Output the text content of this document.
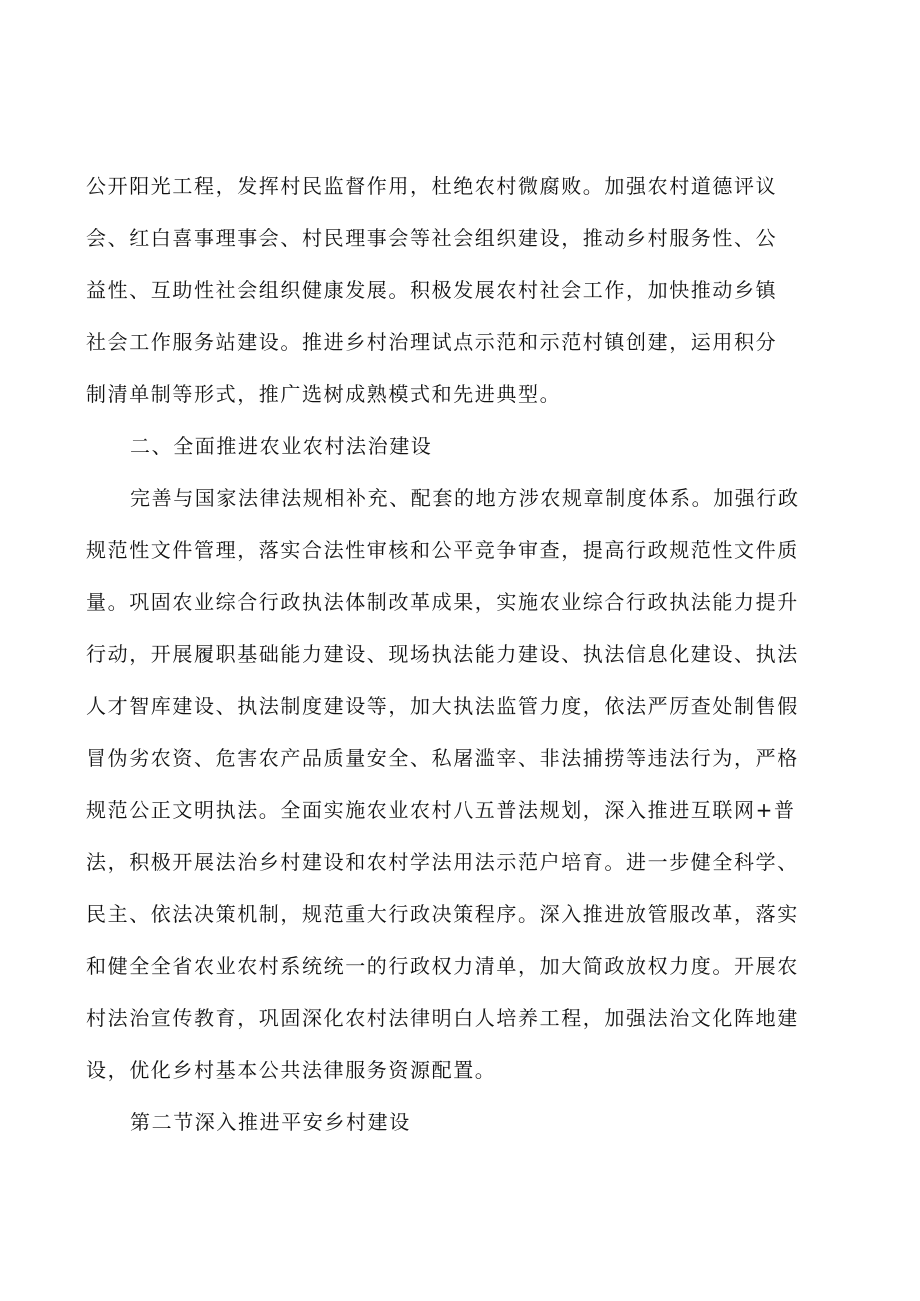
公开阳光工程，发挥村民监督作用，杜绝农村微腐败。加强农村道德评议
会、红白喜事理事会、村民理事会等社会组织建设，推动乡村服务性、公
益性、互助性社会组织健康发展。积极发展农村社会工作，加快推动乡镇
社会工作服务站建设。推进乡村治理试点示范和示范村镇创建，运用积分
制清单制等形式，推广选树成熟模式和先进典型。
二、全面推进农业农村法治建设
完善与国家法律法规相补充、配套的地方涉农规章制度体系。加强行政
规范性文件管理，落实合法性审核和公平竞争审查，提高行政规范性文件质
量。巩固农业综合行政执法体制改革成果，实施农业综合行政执法能力提升
行动，开展履职基础能力建设、现场执法能力建设、执法信息化建设、执法
人才智库建设、执法制度建设等，加大执法监管力度，依法严厉查处制售假
冒伪劣农资、危害农产品质量安全、私屠滥宰、非法捕捞等违法行为，严格
规范公正文明执法。全面实施农业农村八五普法规划，深入推进互联网+普
法，积极开展法治乡村建设和农村学法用法示范户培育。进一步健全科学、
民主、依法决策机制，规范重大行政决策程序。深入推进放管服改革，落实
和健全全省农业农村系统统一的行政权力清单，加大简政放权力度。开展农
村法治宣传教育，巩固深化农村法律明白人培养工程，加强法治文化阵地建
设，优化乡村基本公共法律服务资源配置。
第二节深入推进平安乡村建设
